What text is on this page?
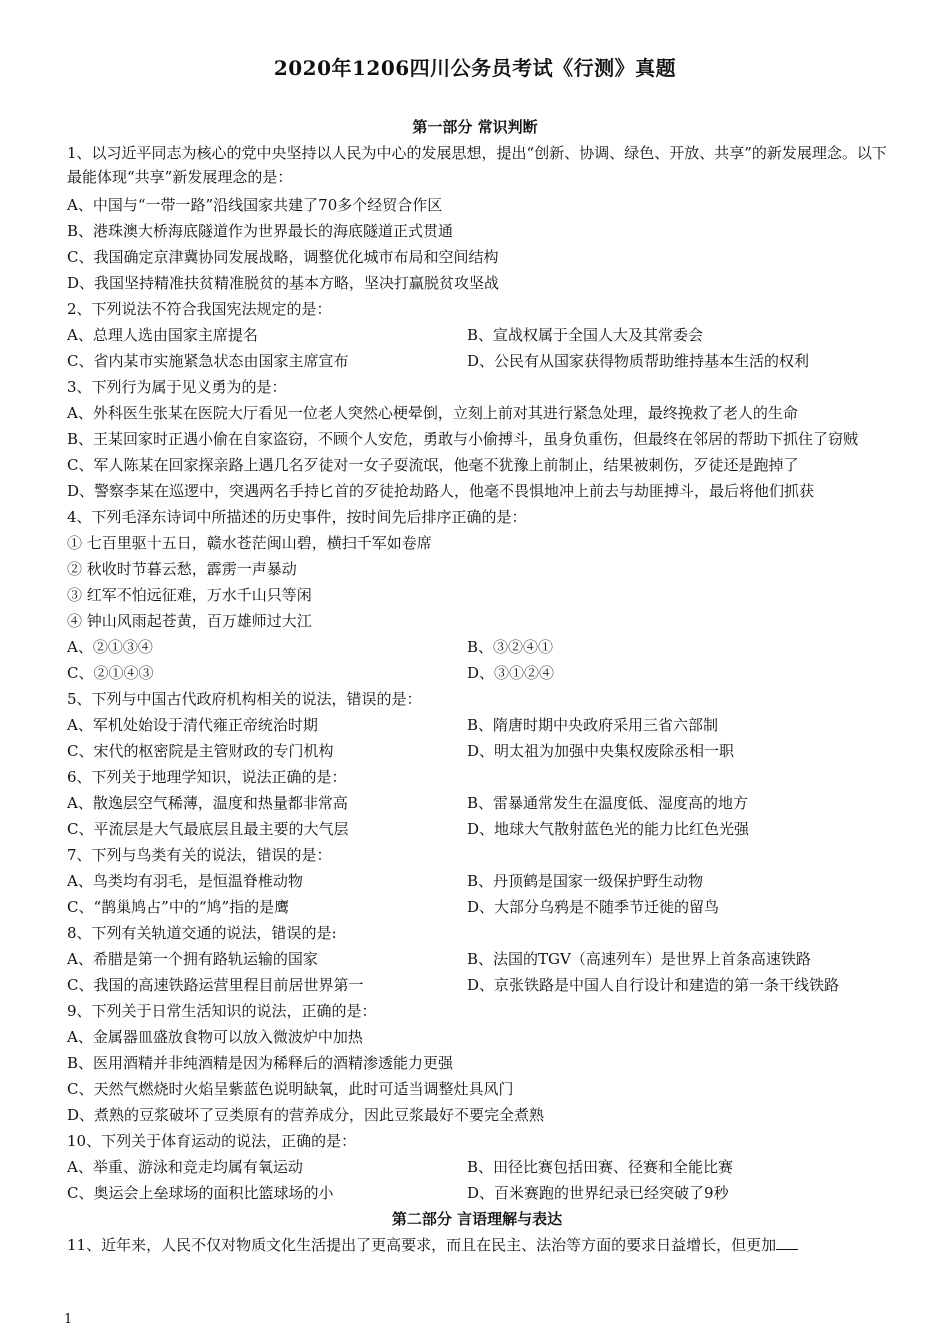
2020年1206四川公务员考试《行测》真题
第一部分 常识判断
1、以习近平同志为核心的党中央坚持以人民为中心的发展思想，提出“创新、协调、绿色、开放、共享”的新发展理念。以下最能体现“共享”新发展理念的是：
A、中国与“一带一路”沿线国家共建了70多个经贸合作区
B、港珠澳大桥海底隧道作为世界最长的海底隧道正式贯通
C、我国确定京津冀协同发展战略，调整优化城市布局和空间结构
D、我国坚持精准扶贫精准脱贫的基本方略，坚决打赢脱贫攻坚战
2、下列说法不符合我国宪法规定的是：
A、总理人选由国家主席提名	B、宣战权属于全国人大及其常委会
C、省内某市实施紧急状态由国家主席宣布	D、公民有从国家获得物质帮助维持基本生活的权利
3、下列行为属于见义勇为的是：
A、外科医生张某在医院大厅看见一位老人突然心梗晕倒，立刻上前对其进行紧急处理，最终挽救了老人的生命
B、王某回家时正遇小偷在自家盗窃，不顾个人安危，勇敢与小偷搏斗，虽身负重伤，但最终在邻居的帮助下抓住了窃贼
C、军人陈某在回家探亲路上遇几名歹徒对一女子耍流氓，他毫不犹豫上前制止，结果被刺伤，歹徒还是跑掉了
D、警察李某在巡逻中，突遇两名手持匕首的歹徒抢劫路人，他毫不畏惧地冲上前去与劫匪搏斗，最后将他们抓获
4、下列毛泽东诗词中所描述的历史事件，按时间先后排序正确的是：
① 七百里驱十五日，赣水苍茫闽山碧，横扫千军如卷席
② 秋收时节暮云愁，霹雳一声暴动
③ 红军不怕远征难，万水千山只等闲
④ 钟山风雨起苍黄，百万雄师过大江
A、②①③④	B、③②④①
C、②①④③	D、③①②④
5、下列与中国古代政府机构相关的说法，错误的是：
A、军机处始设于清代雍正帝统治时期	B、隋唐时期中央政府采用三省六部制
C、宋代的枢密院是主管财政的专门机构	D、明太祖为加强中央集权废除丞相一职
6、下列关于地理学知识，说法正确的是：
A、散逸层空气稀薄，温度和热量都非常高	B、雷暴通常发生在温度低、湿度高的地方
C、平流层是大气最底层且最主要的大气层	D、地球大气散射蓝色光的能力比红色光强
7、下列与鸟类有关的说法，错误的是：
A、鸟类均有羽毛，是恒温脊椎动物	B、丹顶鹤是国家一级保护野生动物
C、“鹊巢鸠占”中的“鸠”指的是鹰	D、大部分乌鸦是不随季节迁徙的留鸟
8、下列有关轨道交通的说法，错误的是:
A、希腊是第一个拥有路轨运输的国家	B、法国的TGV（高速列车）是世界上首条高速铁路
C、我国的高速铁路运营里程目前居世界第一	D、京张铁路是中国人自行设计和建造的第一条干线铁路
9、下列关于日常生活知识的说法，正确的是：
A、金属器皿盛放食物可以放入微波炉中加热
B、医用酒精并非纯酒精是因为稀释后的酒精渗透能力更强
C、天然气燃烧时火焰呈紫蓝色说明缺氧，此时可适当调整灶具风门
D、煮熟的豆浆破坏了豆类原有的营养成分，因此豆浆最好不要完全煮熟
10、下列关于体育运动的说法，正确的是：
A、举重、游泳和竞走均属有氧运动	B、田径比赛包括田赛、径赛和全能比赛
C、奥运会上垒球场的面积比篮球场的小	D、百米赛跑的世界纪录已经突破了9秒
第二部分 言语理解与表达
11、近年来，人民不仅对物质文化生活提出了更高要求，而且在民主、法治等方面的要求日益增长，但更加
1
